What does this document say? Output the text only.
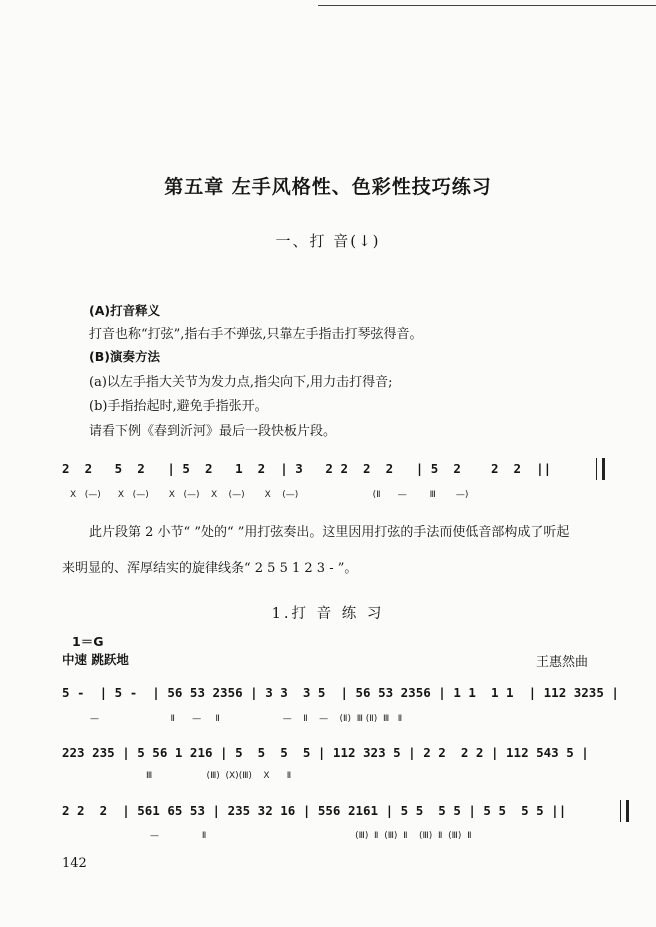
第五章 左手风格性、色彩性技巧练习
一、打 音(↓)
(A)打音释义
打音也称“打弦”,指右手不弹弦,只靠左手指击打琴弦得音。
(B)演奏方法
(a)以左手指大关节为发力点,指尖向下,用力击打得音;
(b)手指抬起时,避免手指张开。
请看下例《春到沂河》最后一段快板片段。
2  2   5  2   | 5  2   1  2  | 3   2 2  2  2   | 5  2    2  2  ||
X   (—)      X   (—)       X   (—)    X    (—)       X    (—)                          (Ⅱ      —        Ⅲ       —)
此片段第 2 小节“ ”处的“ ”用打弦奏出。这里因用打弦的手法而使低音部构成了听起
来明显的、浑厚结实的旋律线条“ 2 5 5 1 2 3 - ”。
1.打 音 练 习
1＝G
中速 跳跃地	王惠然曲
5 -  | 5 -  | 56 53 2356 | 3 3  3 5  | 56 53 2356 | 1 1  1 1  | 112 3235 |
—                         Ⅱ      —     Ⅱ                      —    Ⅱ    —    (Ⅱ)  Ⅲ (Ⅱ)  Ⅲ   Ⅱ
223 235 | 5 56 1 216 | 5  5  5  5 | 112 323 5 | 2 2  2 2 | 112 543 5 |
Ⅲ                   (Ⅲ)  (X)(Ⅲ)    X      Ⅱ
2 2  2  | 561 65 53 | 235 32 16 | 556 2161 | 5 5  5 5 | 5 5  5 5 ||
—               Ⅱ                                                    (Ⅲ)  Ⅱ  (Ⅲ)  Ⅱ    (Ⅲ)  Ⅱ  (Ⅲ)  Ⅱ
142
